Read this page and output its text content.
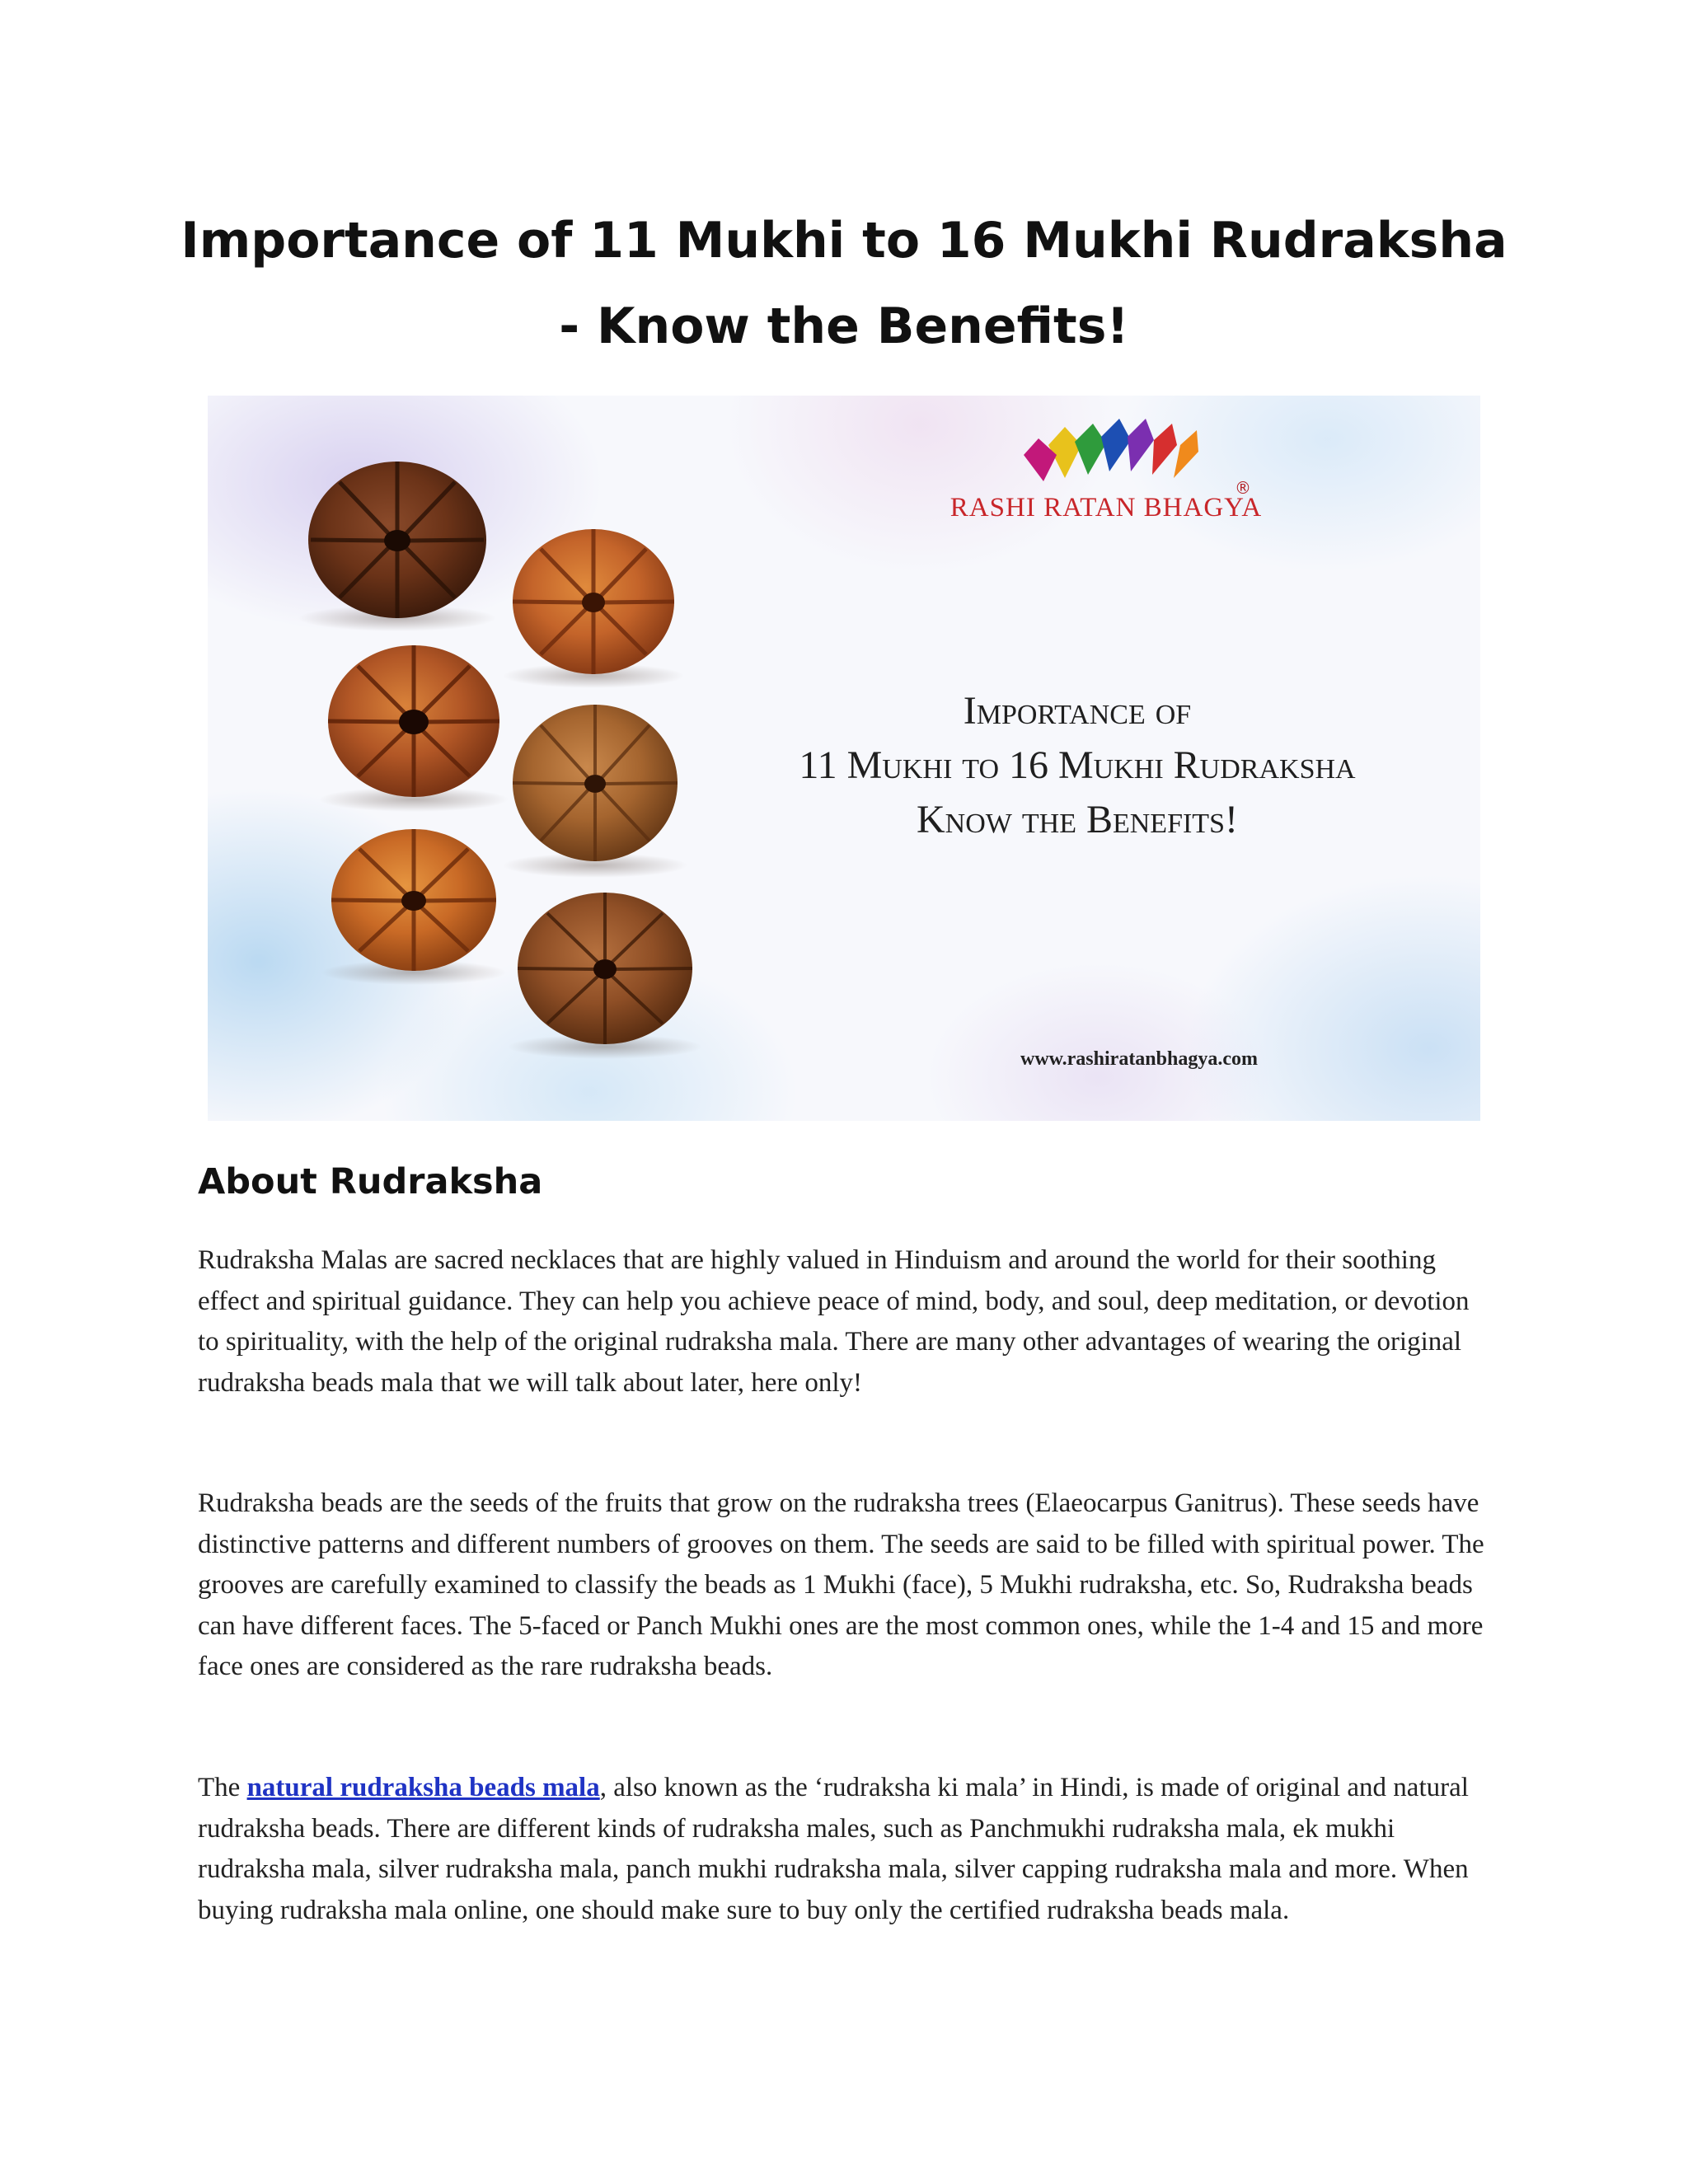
Importance of 11 Mukhi to 16 Mukhi Rudraksha - Know the Benefits!
RASHI RATAN BHAGYA
®
Importance of
11 Mukhi to 16 Mukhi Rudraksha
Know the Benefits!
www.rashiratanbhagya.com
About Rudraksha

Rudraksha Malas are sacred necklaces that are highly valued in Hinduism and around the world for their soothing effect and spiritual guidance. They can help you achieve peace of mind, body, and soul, deep meditation, or devotion to spirituality, with the help of the original rudraksha mala. There are many other advantages of wearing the original rudraksha beads mala that we will talk about later, here only!

Rudraksha beads are the seeds of the fruits that grow on the rudraksha trees (Elaeocarpus Ganitrus). These seeds have distinctive patterns and different numbers of grooves on them. The seeds are said to be filled with spiritual power. The grooves are carefully examined to classify the beads as 1 Mukhi (face), 5 Mukhi rudraksha, etc. So, Rudraksha beads can have different faces. The 5-faced or Panch Mukhi ones are the most common ones, while the 1-4 and 15 and more face ones are considered as the rare rudraksha beads.

The natural rudraksha beads mala, also known as the ‘rudraksha ki mala’ in Hindi, is made of original and natural rudraksha beads. There are different kinds of rudraksha males, such as Panchmukhi rudraksha mala, ek mukhi rudraksha mala, silver rudraksha mala, panch mukhi rudraksha mala, silver capping rudraksha mala and more. When buying rudraksha mala online, one should make sure to buy only the certified rudraksha beads mala.
